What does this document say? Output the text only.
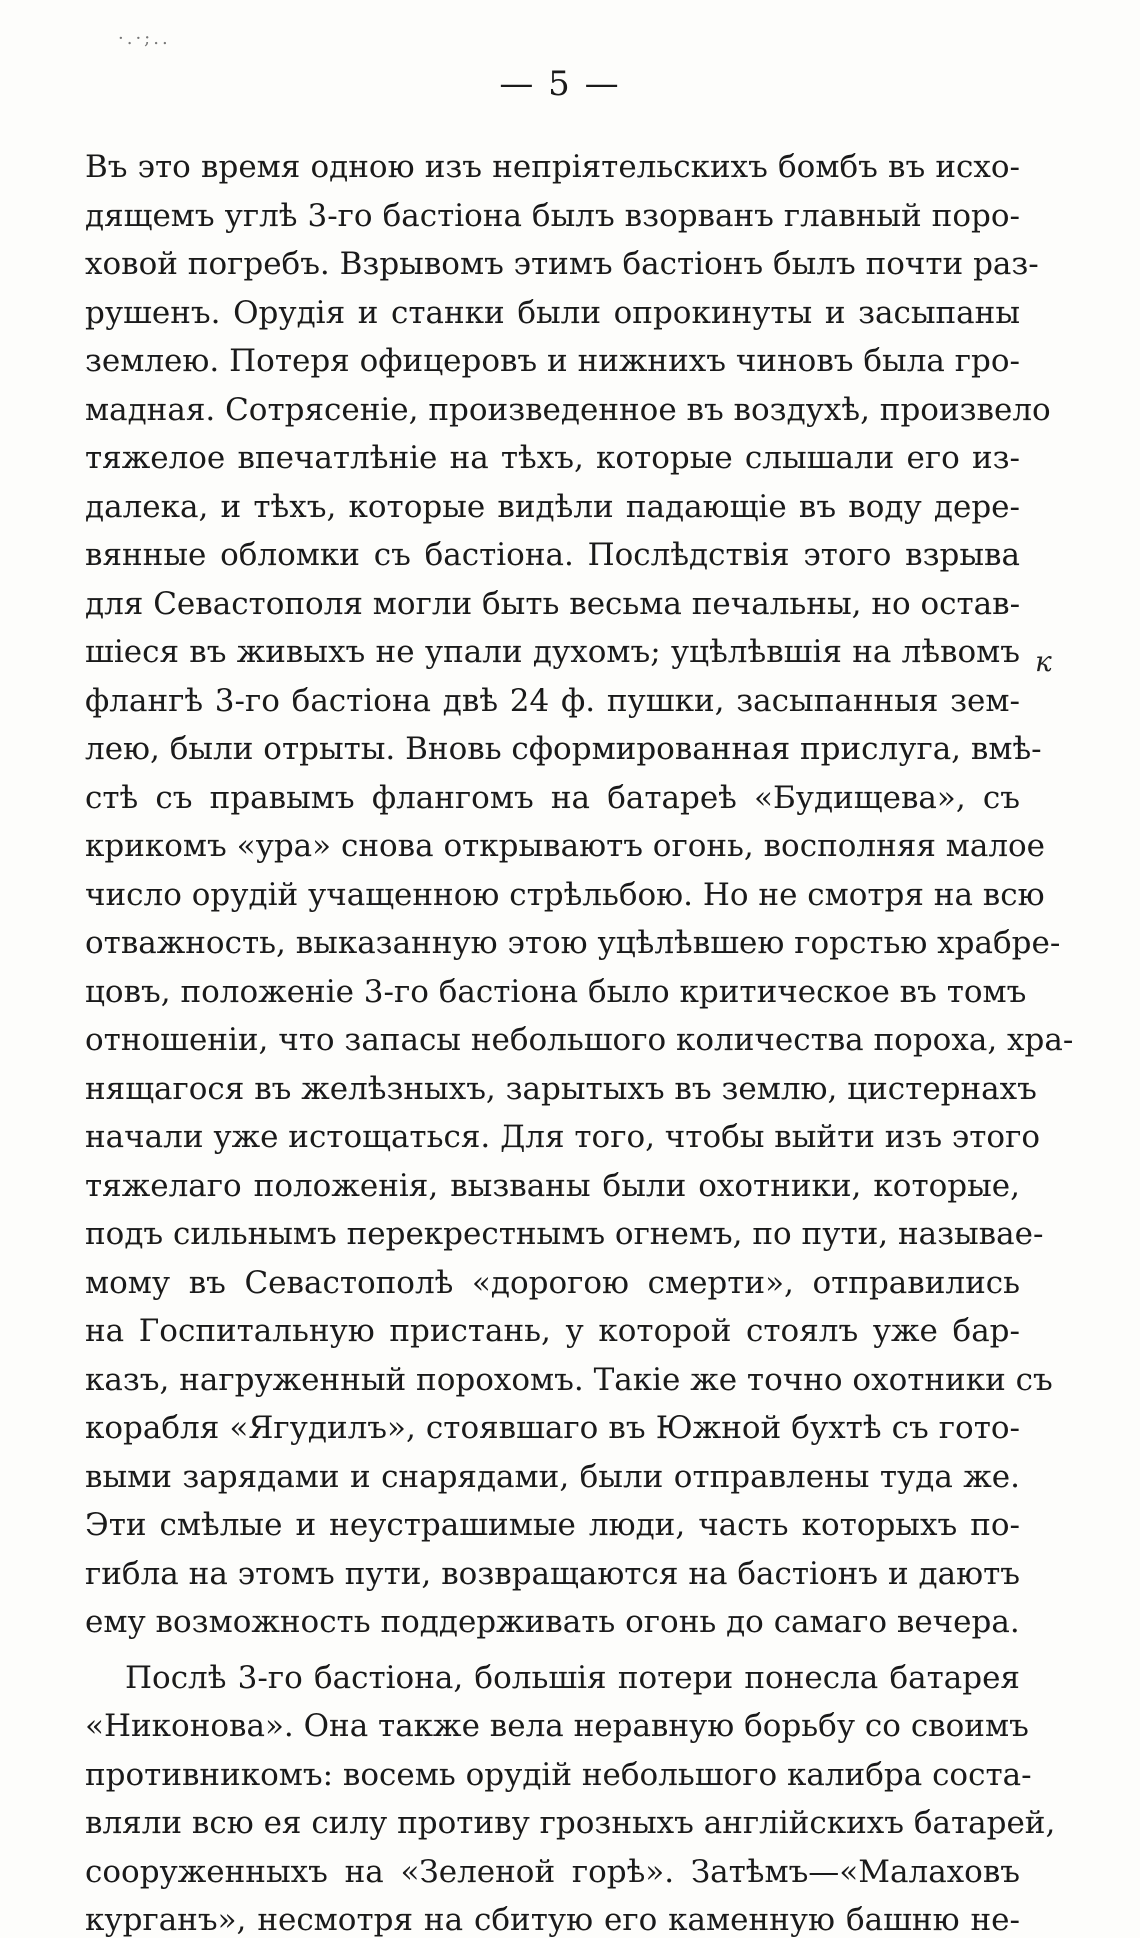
·.·;..
— 5 —
Въ это время одною изъ непріятельскихъ бомбъ въ исхо-
дящемъ углѣ 3-го бастіона былъ взорванъ главный поро-
ховой погребъ. Взрывомъ этимъ бастіонъ былъ почти раз-
рушенъ. Орудія и станки были опрокинуты и засыпаны
землею. Потеря офицеровъ и нижнихъ чиновъ была гро-
мадная. Сотрясеніе, произведенное въ воздухѣ, произвело
тяжелое впечатлѣніе на тѣхъ, которые слышали его из-
далека, и тѣхъ, которые видѣли падающіе въ воду дере-
вянные обломки съ бастіона. Послѣдствія этого взрыва
для Севастополя могли быть весьма печальны, но остав-
шіеся въ живыхъ не упали духомъ; уцѣлѣвшія на лѣвомъ
флангѣ 3-го бастіона двѣ 24 ф. пушки, засыпанныя зем-
лею, были отрыты. Вновь сформированная прислуга, вмѣ-
стѣ съ правымъ флангомъ на батареѣ «Будищева», съ
крикомъ «ура» снова открываютъ огонь, восполняя малое
число орудій учащенною стрѣльбою. Но не смотря на всю
отважность, выказанную этою уцѣлѣвшею горстью храбре-
цовъ, положеніе 3-го бастіона было критическое въ томъ
отношеніи, что запасы небольшого количества пороха, хра-
нящагося въ желѣзныхъ, зарытыхъ въ землю, цистернахъ
начали уже истощаться. Для того, чтобы выйти изъ этого
тяжелаго положенія, вызваны были охотники, которые,
подъ сильнымъ перекрестнымъ огнемъ, по пути, называе-
мому въ Севастополѣ «дорогою смерти», отправились
на Госпитальную пристань, у которой стоялъ уже бар-
казъ, нагруженный порохомъ. Такіе же точно охотники съ
корабля «Ягудилъ», стоявшаго въ Южной бухтѣ съ гото-
выми зарядами и снарядами, были отправлены туда же.
Эти смѣлые и неустрашимые люди, часть которыхъ по-
гибла на этомъ пути, возвращаются на бастіонъ и даютъ
ему возможность поддерживать огонь до самаго вечера.
Послѣ 3-го бастіона, большія потери понесла батарея
«Никонова». Она также вела неравную борьбу со своимъ
противникомъ: восемь орудій небольшого калибра соста-
вляли всю ея силу противу грозныхъ англійскихъ батарей,
сооруженныхъ на «Зеленой горѣ». Затѣмъ—«Малаховъ
курганъ», несмотря на сбитую его каменную башню не-
к
